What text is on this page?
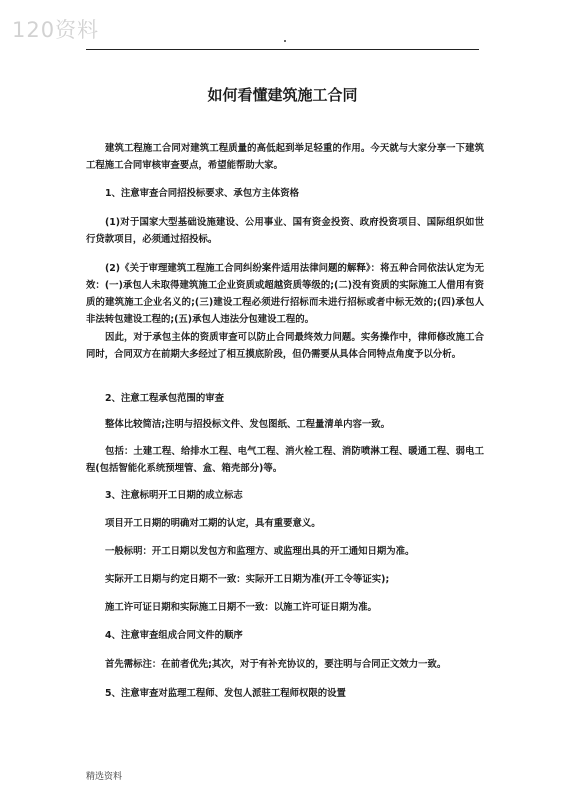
120资料
如何看懂建筑施工合同

建筑工程施工合同对建筑工程质量的高低起到举足轻重的作用。今天就与大家分享一下建筑工程施工合同审核审查要点，希望能帮助大家。

1、注意审查合同招投标要求、承包方主体资格

(1)对于国家大型基础设施建设、公用事业、国有资金投资、政府投资项目、国际组织如世行贷款项目，必须通过招投标。

(2)《关于审理建筑工程施工合同纠纷案件适用法律问题的解释》：将五种合同依法认定为无效：(一)承包人未取得建筑施工企业资质或超越资质等级的;(二)没有资质的实际施工人借用有资质的建筑施工企业名义的;(三)建设工程必须进行招标而未进行招标或者中标无效的;(四)承包人非法转包建设工程的;(五)承包人违法分包建设工程的。

因此，对于承包主体的资质审查可以防止合同最终效力问题。实务操作中，律师修改施工合同时，合同双方在前期大多经过了相互摸底阶段，但仍需要从具体合同特点角度予以分析。

2、注意工程承包范围的审查

整体比较简洁;注明与招投标文件、发包图纸、工程量清单内容一致。

包括：土建工程、给排水工程、电气工程、消火栓工程、消防喷淋工程、暖通工程、弱电工程(包括智能化系统预埋管、盒、箱壳部分)等。

3、注意标明开工日期的成立标志

项目开工日期的明确对工期的认定，具有重要意义。

一般标明：开工日期以发包方和监理方、或监理出具的开工通知日期为准。

实际开工日期与约定日期不一致：实际开工日期为准(开工令等证实);

施工许可证日期和实际施工日期不一致：以施工许可证日期为准。

4、注意审查组成合同文件的顺序

首先需标注：在前者优先;其次，对于有补充协议的，要注明与合同正文效力一致。

5、注意审查对监理工程师、发包人派驻工程师权限的设置

精选资料
